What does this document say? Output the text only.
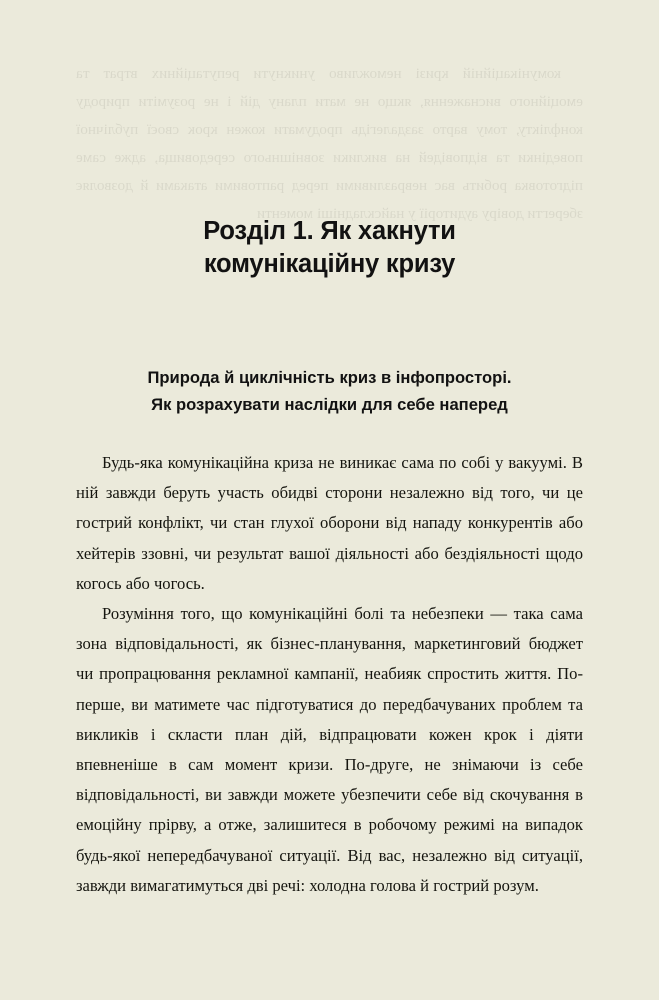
комунікаційній кризі неможливо уникнути репутаційних втрат та емоційного виснаження, якщо не мати плану дій і не розуміти природу конфлікту, тому варто заздалегідь продумати кожен крок своєї публічної поведінки та відповідей на виклики зовнішнього середовища, адже саме підготовка робить вас невразливими перед раптовими атаками й дозволяє зберегти довіру аудиторії у найскладніші моменти

Розділ 1. Як хакнути
комунікаційну кризу
Природа й циклічність криз в інфопросторі.
Як розрахувати наслідки для себе наперед

Будь-яка комунікаційна криза не виникає сама по собі у вакуумі. В ній завжди беруть участь обидві сторони незалежно від того, чи це гострий конфлікт, чи стан глухої оборони від нападу конкурентів або хейтерів ззовні, чи результат вашої діяльності або бездіяльності щодо когось або чогось.

Розуміння того, що комунікаційні болі та небезпеки — така сама зона відповідальності, як бізнес-планування, маркетинговий бюджет чи пропрацювання рекламної кампанії, неабияк спростить життя. По-перше, ви матимете час підготуватися до передбачуваних проблем та викликів і скласти план дій, відпрацювати кожен крок і діяти впевненіше в сам момент кризи. По-друге, не знімаючи із себе відповідальності, ви завжди можете убезпечити себе від скочування в емоційну прірву, а отже, залишитеся в робочому режимі на випадок будь-якої непередбачуваної ситуації. Від вас, незалежно від ситуації, завжди вимагатимуться дві речі: холодна голова й гострий розум.
